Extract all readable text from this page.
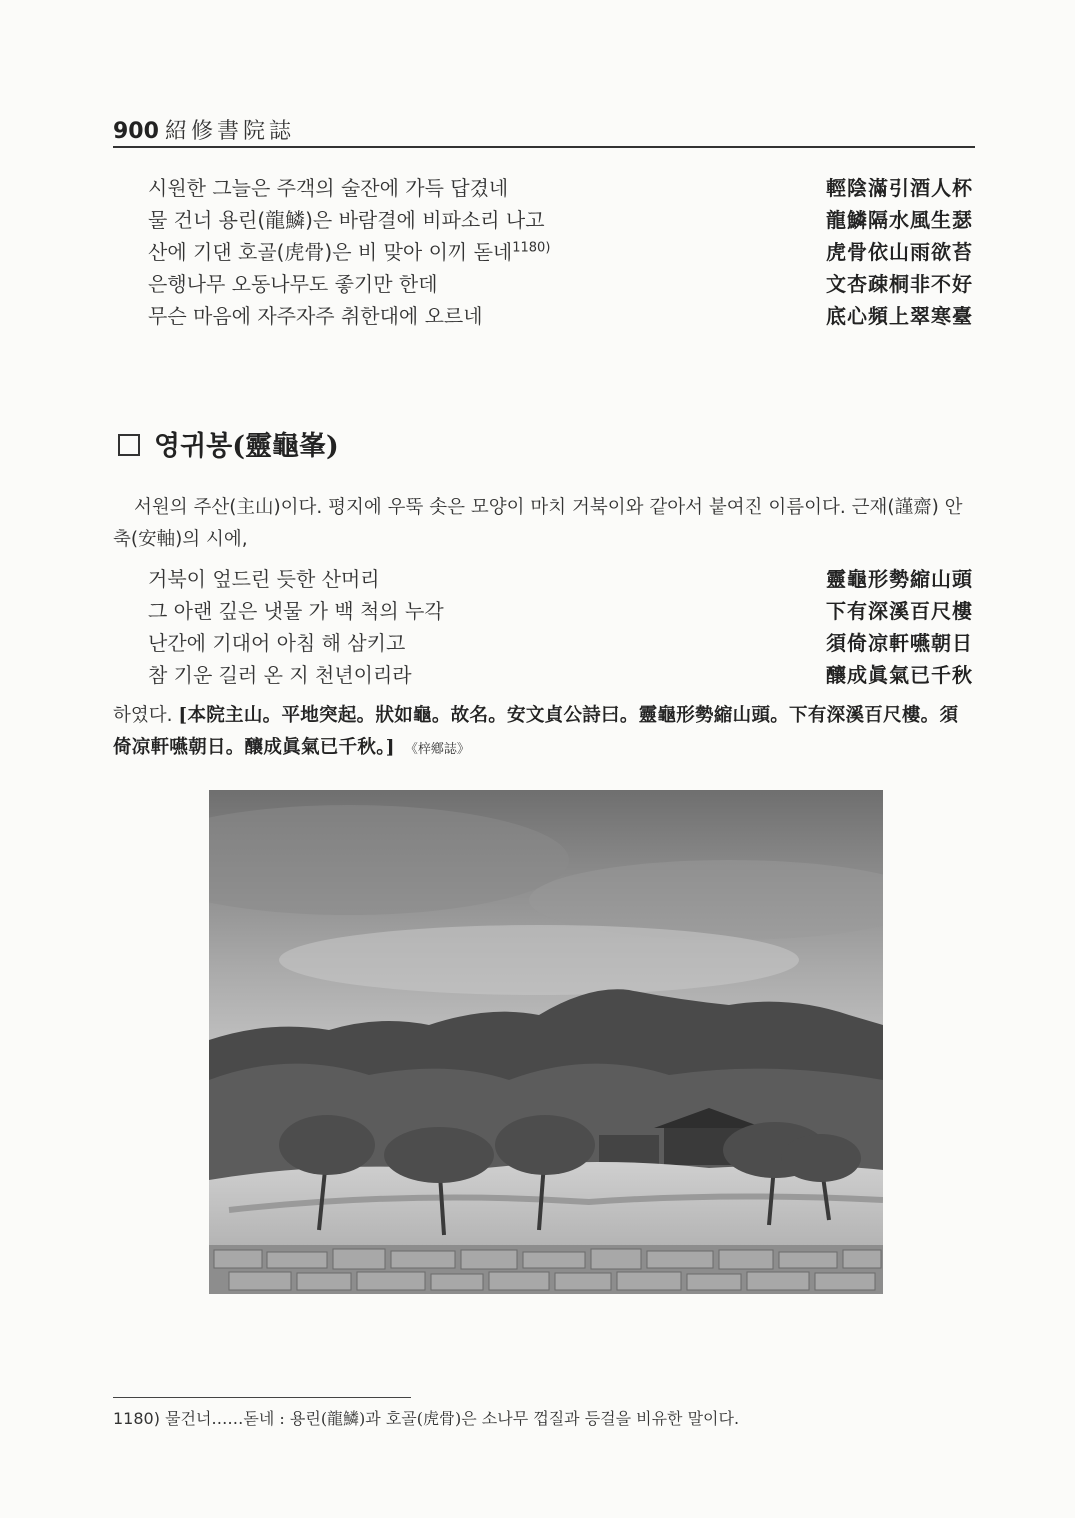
900 紹修書院誌
시원한 그늘은 주객의 술잔에 가득 답겼네	輕陰滿引酒人杯
물 건너 용린(龍鱗)은 바람결에 비파소리 나고	龍鱗隔水風生瑟
산에 기댄 호골(虎骨)은 비 맞아 이끼 돋네$^{1180)}$	虎骨依山雨欲苔
은행나무 오동나무도 좋기만 한데	文杏疎桐非不好
무슨 마음에 자주자주 취한대에 오르네	底心頻上翠寒臺
영귀봉(靈龜峯)
서원의 주산(主山)이다. 평지에 우뚝 솟은 모양이 마치 거북이와 같아서 붙여진 이름이다. 근재(謹齋) 안축(安軸)의 시에,
거북이 엎드린 듯한 산머리	靈龜形勢縮山頭
그 아랜 깊은 냇물 가 백 척의 누각	下有深溪百尺樓
난간에 기대어 아침 해 삼키고	須倚凉軒嚥朝日
참 기운 길러 온 지 천년이리라	釀成眞氣已千秋
하였다. [本院主山。平地突起。狀如龜。故名。安文貞公詩曰。靈龜形勢縮山頭。下有深溪百尺樓。須倚凉軒嚥朝日。釀成眞氣已千秋。] 《梓鄕誌》
1180) 물건너……돋네 : 용린(龍鱗)과 호골(虎骨)은 소나무 껍질과 등걸을 비유한 말이다.
